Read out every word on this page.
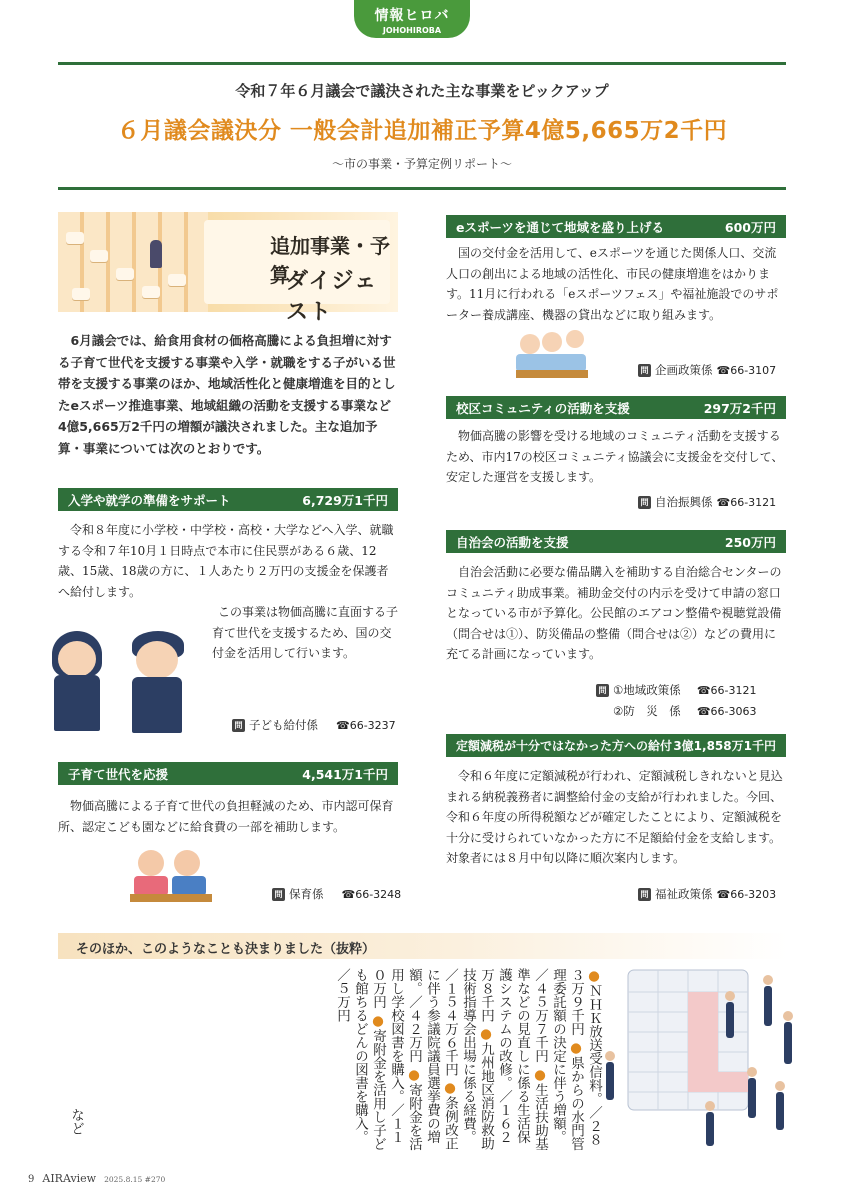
情報ヒロバ
JOHOHIROBA
令和７年６月議会で議決された主な事業をピックアップ
６月議会議決分 一般会計追加補正予算4億5,665万2千円
〜市の事業・予算定例リポート〜
追加事業・予算
ダイジェスト
6月議会では、給食用食材の価格高騰による負担増に対する子育て世代を支援する事業や入学・就職をする子がいる世帯を支援する事業のほか、地域活性化と健康増進を目的としたeスポーツ推進事業、地域組織の活動を支援する事業など4億5,665万2千円の増額が議決されました。主な追加予算・事業については次のとおりです。
入学や就学の準備をサポート	6,729万1千円
令和８年度に小学校・中学校・高校・大学などへ入学、就職する令和７年10月１日時点で本市に住民票がある６歳、12歳、15歳、18歳の方に、１人あたり２万円の支援金を保護者へ給付します。
この事業は物価高騰に直面する子育て世代を支援するため、国の交付金を活用して行います。
問 子ども給付係 ☎66-3237
子育て世代を応援	4,541万1千円
物価高騰による子育て世代の負担軽減のため、市内認可保育所、認定こども園などに給食費の一部を補助します。
問 保育係 ☎66-3248
eスポーツを通じて地域を盛り上げる	600万円
国の交付金を活用して、eスポーツを通じた関係人口、交流人口の創出による地域の活性化、市民の健康増進をはかります。11月に行われる「eスポーツフェス」や福祉施設でのサポーター養成講座、機器の貸出などに取り組みます。
問 企画政策係 ☎66-3107
校区コミュニティの活動を支援	297万2千円
物価高騰の影響を受ける地域のコミュニティ活動を支援するため、市内17の校区コミュニティ協議会に支援金を交付して、安定した運営を支援します。
問 自治振興係 ☎66-3121
自治会の活動を支援	250万円
自治会活動に必要な備品購入を補助する自治総合センターのコミュニティ助成事業。補助金交付の内示を受けて申請の窓口となっている市が予算化。公民館のエアコン整備や視聴覚設備（問合せは①）、防災備品の整備（問合せは②）などの費用に充てる計画になっています。
問 ①地域政策係 ☎66-3121
②防　災　係 ☎66-3063
定額減税が十分ではなかった方への給付 3億1,858万1千円
令和６年度に定額減税が行われ、定額減税しきれないと見込まれる納税義務者に調整給付金の支給が行われました。今回、令和６年度の所得税額などが確定したことにより、定額減税を十分に受けられていなかった方に不足額給付金を支給します。対象者には８月中旬以降に順次案内します。
問 福祉政策係 ☎66-3203
そのほか、このようなことも決まりました（抜粋）
●ＮＨＫ放送受信料。／２８３万９千円 ●県からの水門管理委託額の決定に伴う増額。／４５万７千円 ●生活扶助基準などの見直しに係る生活保護システムの改修。／１６２万８千円 ●九州地区消防救助技術指導会出場に係る経費。／１５４万６千円 ●条例改正に伴う参議院議員選挙費の増額。／４２万円 ●寄附金を活用し学校図書を購入。／１１０万円 ●寄附金を活用し子ども館ちるどんの図書を購入。／５万円
など
9 AIRAview 2025.8.15 #270
